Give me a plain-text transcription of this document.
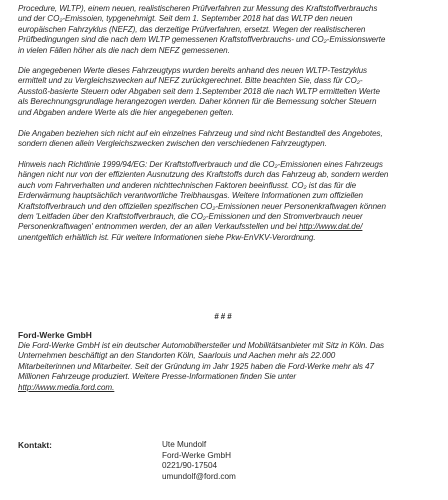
Procedure, WLTP), einem neuen, realistischeren Prüfverfahren zur Messung des Kraftstoffverbrauchs
und der CO₂-Emissoien, typgenehmigt. Seit dem 1. September 2018 hat das WLTP den neuen
europäischen Fahrzyklus (NEFZ), das derzeitige Prüfverfahren, ersetzt. Wegen der realistischeren
Prüfbedingungen sind die nach dem WLTP gemessenen Kraftstoffverbrauchs- und CO₂-Emissionswerte
in vielen Fällen höher als die nach dem NEFZ gemessenen.
Die angegebenen Werte dieses Fahrzeugtyps wurden bereits anhand des neuen WLTP-Testzyklus
ermittelt und zu Vergleichszwecken auf NEFZ zurückgerechnet. Bitte beachten Sie, dass für CO₂-
Ausstoß-basierte Steuern oder Abgaben seit dem 1.September 2018 die nach WLTP ermittelten Werte
als Berechnungsgrundlage herangezogen werden. Daher können für die Bemessung solcher Steuern
und Abgaben andere Werte als die hier angegebenen gelten.
Die Angaben beziehen sich nicht auf ein einzelnes Fahrzeug und sind nicht Bestandteil des Angebotes,
sondern dienen allein Vergleichszwecken zwischen den verschiedenen Fahrzeugtypen.
Hinweis nach Richtlinie 1999/94/EG: Der Kraftstoffverbrauch und die CO₂-Emissionen eines Fahrzeugs
hängen nicht nur von der effizienten Ausnutzung des Kraftstoffs durch das Fahrzeug ab, sondern werden
auch vom Fahrverhalten und anderen nichttechnischen Faktoren beeinflusst. CO₂ ist das für die
Erderwärmung hauptsächlich verantwortliche Treibhausgas. Weitere Informationen zum offiziellen
Kraftstoffverbrauch und den offiziellen spezifischen CO₂-Emissionen neuer Personenkraftwagen können
dem 'Leitfaden über den Kraftstoffverbrauch, die CO₂-Emissionen und den Stromverbrauch neuer
Personenkraftwagen' entnommen werden, der an allen Verkaufsstellen und bei http://www.dat.de/
unentgeltlich erhältlich ist. Für weitere Informationen siehe Pkw-EnVKV-Verordnung.
###
Ford-Werke GmbH
Die Ford-Werke GmbH ist ein deutscher Automobilhersteller und Mobilitätsanbieter mit Sitz in Köln. Das
Unternehmen beschäftigt an den Standorten Köln, Saarlouis und Aachen mehr als 22.000
Mitarbeiterinnen und Mitarbeiter. Seit der Gründung im Jahr 1925 haben die Ford-Werke mehr als 47
Millionen Fahrzeuge produziert. Weitere Presse-Informationen finden Sie unter
http://www.media.ford.com.
Kontakt:	Ute Mundolf
Ford-Werke GmbH
0221/90-17504
umundolf@ford.com
